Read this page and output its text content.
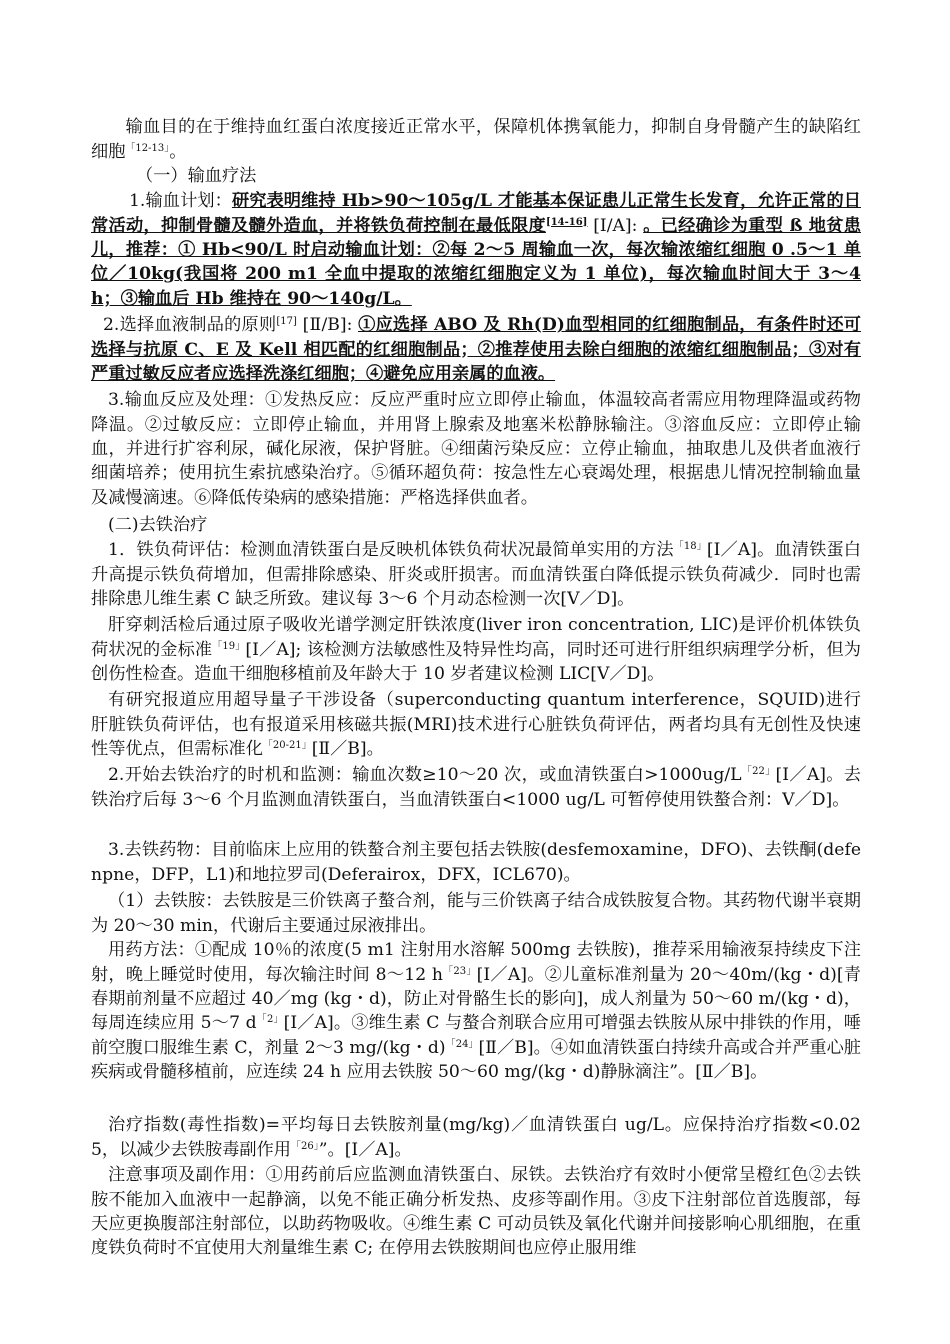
　输血目的在于维持血红蛋白浓度接近正常水平，保障机体携氧能力，抑制自身骨髓产生的缺陷红细胞$^{「12-13」}$。

（一）输血疗法

1.输血计划：研究表明维持 Hb>90～105g/L 才能基本保证患儿正常生长发育，允许正常的日常活动，抑制骨髓及髓外造血，并将铁负荷控制在最低限度[14-16] [I/A]: 。已经确诊为重型 ß 地贫患儿，推荐：① Hb<90/L 时启动输血计划：②每 2～5 周输血一次，每次输浓缩红细胞 0 .5～1 单位／10kg(我国将 200 m1 全血中提取的浓缩红细胞定义为 1 单位)，每次输血时间大于 3～4 h；③输血后 Hb 维持在 90～140g/L。

2.选择血液制品的原则[17] [Ⅱ/B]: ①应选择 ABO 及 Rh(D)血型相同的红细胞制品，有条件时还可选择与抗原 C、E 及 Kell 相匹配的红细胞制品；②推荐使用去除白细胞的浓缩红细胞制品；③对有严重过敏反应者应选择洗涤红细胞；④避免应用亲属的血液。

3.输血反应及处理：①发热反应：反应严重时应立即停止输血，体温较高者需应用物理降温或药物降温。②过敏反应：立即停止输血，并用肾上腺索及地塞米松静脉输注。③溶血反应：立即停止输血，并进行扩容利尿，碱化尿液，保护肾脏。④细菌污染反应：立停止输血，抽取患儿及供者血液行细菌培养；使用抗生索抗感染治疗。⑤循环超负荷：按急性左心衰竭处理，根据患儿情况控制输血量及减慢滴速。⑥降低传染病的感染措施：严格选择供血者。

(二)去铁治疗

1．铁负荷评估：检测血清铁蛋白是反映机体铁负荷状况最简单实用的方法$^{「18」}$[I／A]。血清铁蛋白升高提示铁负荷增加，但需排除感染、肝炎或肝损害。而血清铁蛋白降低提示铁负荷减少．同时也需排除患儿维生素 C 缺乏所致。建议每 3～6 个月动态检测一次[V／D]。

肝穿刺活检后通过原子吸收光谱学测定肝铁浓度(liver iron concentration, LIC)是评价机体铁负荷状况的金标准$^{「19」}$[I／A]; 该检测方法敏感性及特异性均高，同时还可进行肝组织病理学分析，但为创伤性检查。造血干细胞移植前及年龄大于 10 岁者建议检测 LIC[V／D]。

有研究报道应用超导量子干涉设备（superconducting quantum interference，SQUID)进行肝脏铁负荷评估，也有报道采用核磁共振(MRI)技术进行心脏铁负荷评估，两者均具有无创性及快速性等优点，但需标准化$^{「20-21」}$[Ⅱ／B]。

2.开始去铁治疗的时机和监测：输血次数≥10～20 次，或血清铁蛋白$>1000ug/L^{「22」}[I/A]$。去铁治疗后每 3～6 个月监测血清铁蛋白，当血清铁蛋白<1000 ug/L 可暂停使用铁螯合剂：V／D]。

3.去铁药物：目前临床上应用的铁螯合剂主要包括去铁胺(desfemoxamine，DFO)、去铁酮(defenpne，DFP，L1)和地拉罗司(Deferairox，DFX，ICL670)。

（1）去铁胺：去铁胺是三价铁离子螯合剂，能与三价铁离子结合成铁胺复合物。其药物代谢半衰期为 20～30 min，代谢后主要通过尿液排出。

用药方法：①配成 10％的浓度(5 m1 注射用水溶解 500mg 去铁胺)，推荐采用输液泵持续皮下注射，晚上睡觉时使用，每次输注时间 8～12 $h^{「23」}[I/A]$。②儿童标准剂量为 20～40m/(kg・d)[青春期前剂量不应超过 40／mg (kg・d)，防止对骨骼生长的影向]，成人剂量为 50～60 m/(kg・d)，每周连续应用 5～7 $d^{「2」}[I/A]$。③维生素 C 与螯合剂联合应用可增强去铁胺从尿中排铁的作用，唾前空腹口服维生素 C，剂量 2～3 mg/(kg・d)$^{「24」}$[Ⅱ／B]。④如血清铁蛋白持续升高或合并严重心脏疾病或骨髓移植前，应连续 24 h 应用去铁胺 50～60 mg/(kg・d)静脉滴注”。[Ⅱ／B]。

治疗指数(毒性指数)=平均每日去铁胺剂量(mg/kg)／血清铁蛋白 ug/L。应保持治疗指数<0.025，以减少去铁胺毒副作用$^{「26」}$”。[I／A]。

注意事项及副作用：①用药前后应监测血清铁蛋白、尿铁。去铁治疗有效时小便常呈橙红色②去铁胺不能加入血液中一起静滴，以免不能正确分析发热、皮疹等副作用。③皮下注射部位首选腹部，每天应更换腹部注射部位，以助药物吸收。④维生素 C 可动员铁及氧化代谢并间接影响心肌细胞，在重度铁负荷时不宜使用大剂量维生素 C; 在停用去铁胺期间也应停止服用维
